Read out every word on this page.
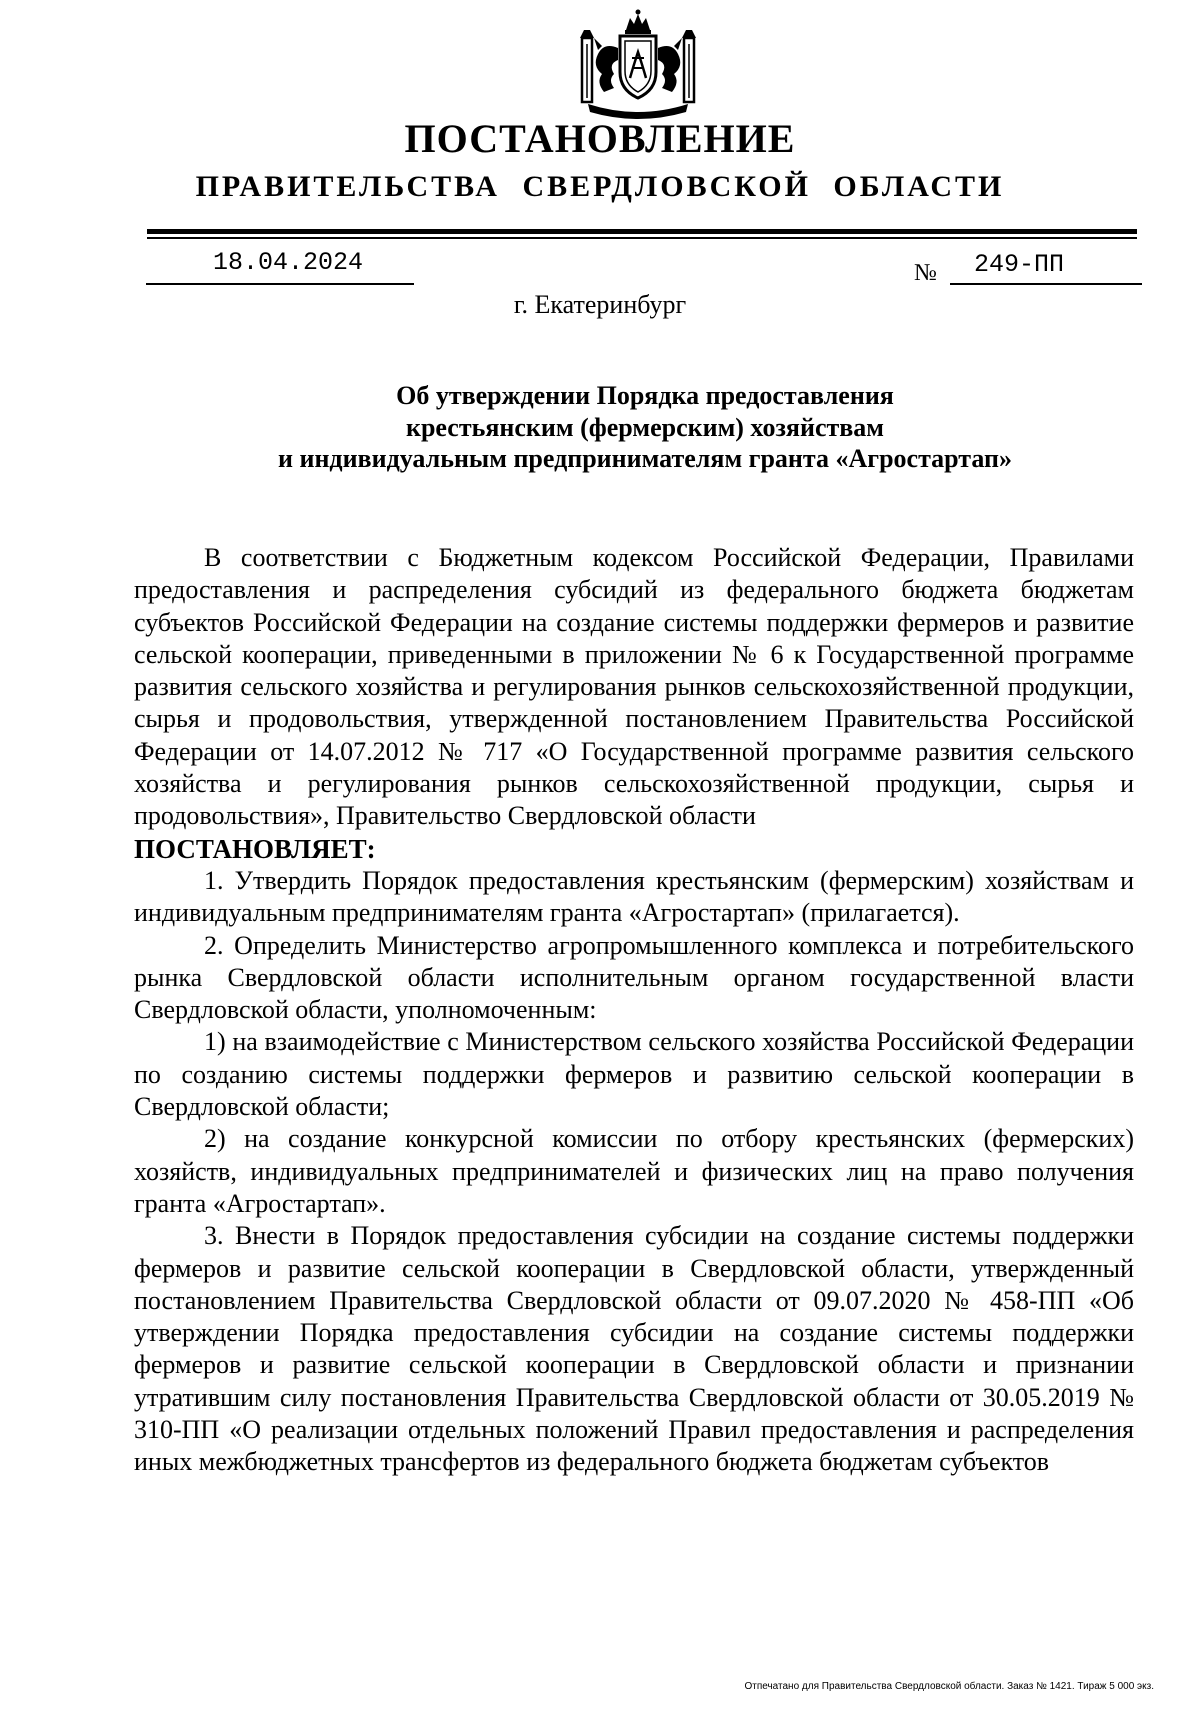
ПОСТАНОВЛЕНИЕ
ПРАВИТЕЛЬСТВА СВЕРДЛОВСКОЙ ОБЛАСТИ
18.04.2024	№ 249-ПП
г. Екатеринбург
Об утверждении Порядка предоставления
крестьянским (фермерским) хозяйствам
и индивидуальным предпринимателям гранта «Агростартап»

В соответствии с Бюджетным кодексом Российской Федерации, Правилами предоставления и распределения субсидий из федерального бюджета бюджетам субъектов Российской Федерации на создание системы поддержки фермеров и развитие сельской кооперации, приведенными в приложении № 6 к Государственной программе развития сельского хозяйства и регулирования рынков сельскохозяйственной продукции, сырья и продовольствия, утвержденной постановлением Правительства Российской Федерации от 14.07.2012 № 717 «О Государственной программе развития сельского хозяйства и регулирования рынков сельскохозяйственной продукции, сырья и продовольствия», Правительство Свердловской области

ПОСТАНОВЛЯЕТ:

1. Утвердить Порядок предоставления крестьянским (фермерским) хозяйствам и индивидуальным предпринимателям гранта «Агростартап» (прилагается).

2. Определить Министерство агропромышленного комплекса и потребительского рынка Свердловской области исполнительным органом государственной власти Свердловской области, уполномоченным:

1) на взаимодействие с Министерством сельского хозяйства Российской Федерации по созданию системы поддержки фермеров и развитию сельской кооперации в Свердловской области;

2) на создание конкурсной комиссии по отбору крестьянских (фермерских) хозяйств, индивидуальных предпринимателей и физических лиц на право получения гранта «Агростартап».

3. Внести в Порядок предоставления субсидии на создание системы поддержки фермеров и развитие сельской кооперации в Свердловской области, утвержденный постановлением Правительства Свердловской области от 09.07.2020 № 458-ПП «Об утверждении Порядка предоставления субсидии на создание системы поддержки фермеров и развитие сельской кооперации в Свердловской области и признании утратившим силу постановления Правительства Свердловской области от 30.05.2019 № 310-ПП «О реализации отдельных положений Правил предоставления и распределения иных межбюджетных трансфертов из федерального бюджета бюджетам субъектов

Отпечатано для Правительства Свердловской области. Заказ № 1421. Тираж 5 000 экз.
